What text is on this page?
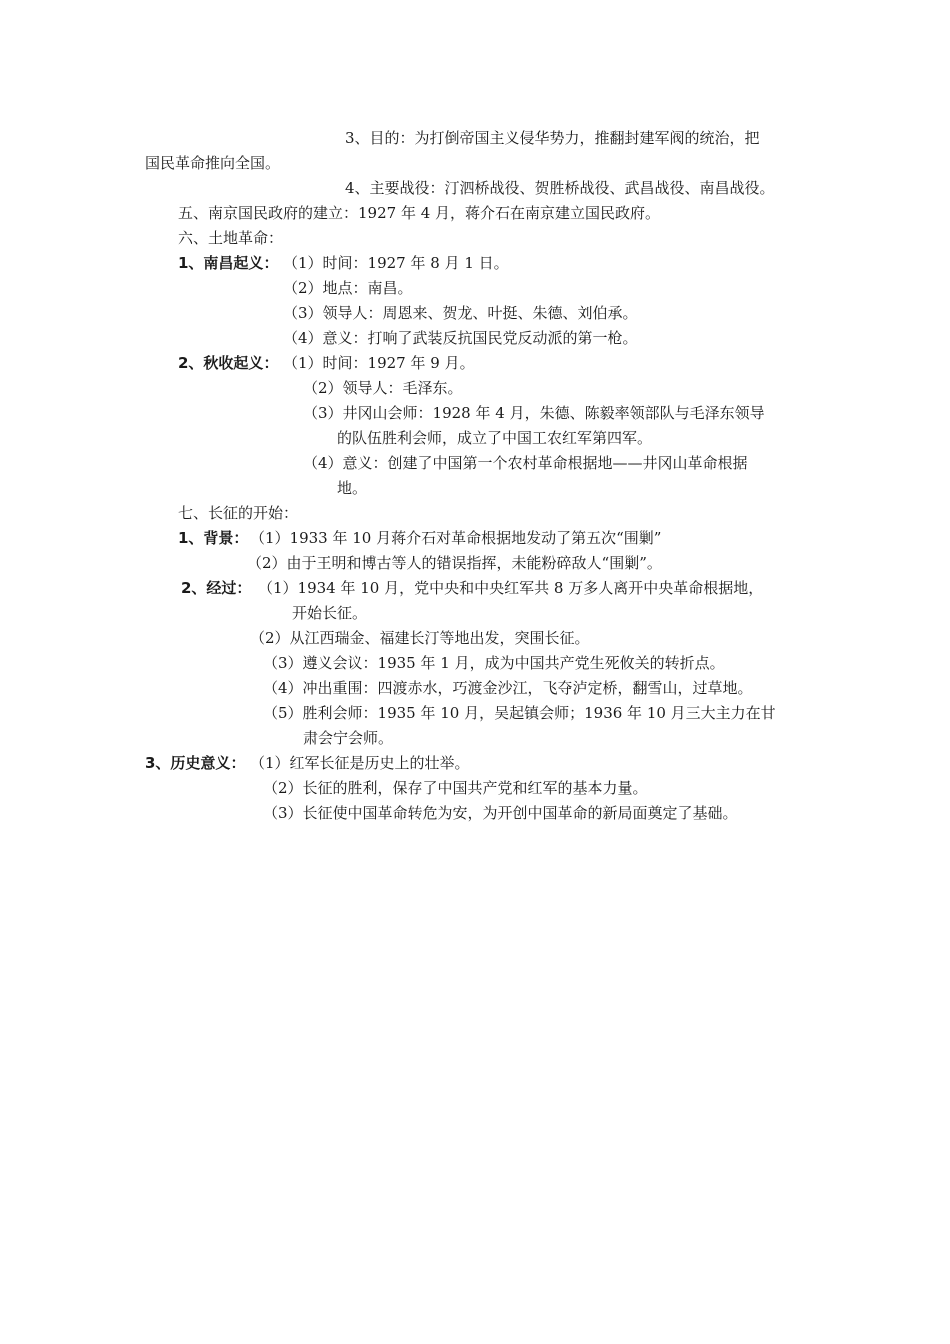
3、目的：为打倒帝国主义侵华势力，推翻封建军阀的统治，把
国民革命推向全国。
4、主要战役：汀泗桥战役、贺胜桥战役、武昌战役、南昌战役。
五、南京国民政府的建立：1927 年 4 月，蒋介石在南京建立国民政府。
六、土地革命：
1、南昌起义： （1）时间：1927 年 8 月 1 日。
（2）地点：南昌。
（3）领导人：周恩来、贺龙、叶挺、朱德、刘伯承。
（4）意义：打响了武装反抗国民党反动派的第一枪。
2、秋收起义： （1）时间：1927 年 9 月。
（2）领导人：毛泽东。
（3）井冈山会师：1928 年 4 月，朱德、陈毅率领部队与毛泽东领导
的队伍胜利会师，成立了中国工农红军第四军。
（4）意义：创建了中国第一个农村革命根据地——井冈山革命根据
地。
七、长征的开始：
1、背景： （1）1933 年 10 月蒋介石对革命根据地发动了第五次“围剿”
（2）由于王明和博古等人的错误指挥，未能粉碎敌人“围剿”。
2、经过： （1）1934 年 10 月，党中央和中央红军共 8 万多人离开中央革命根据地，
开始长征。
（2）从江西瑞金、福建长汀等地出发，突围长征。
（3）遵义会议：1935 年 1 月，成为中国共产党生死攸关的转折点。
（4）冲出重围：四渡赤水，巧渡金沙江，飞夺泸定桥，翻雪山，过草地。
（5）胜利会师：1935 年 10 月，吴起镇会师；1936 年 10 月三大主力在甘
肃会宁会师。
3、历史意义： （1）红军长征是历史上的壮举。
（2）长征的胜利，保存了中国共产党和红军的基本力量。
（3）长征使中国革命转危为安，为开创中国革命的新局面奠定了基础。
